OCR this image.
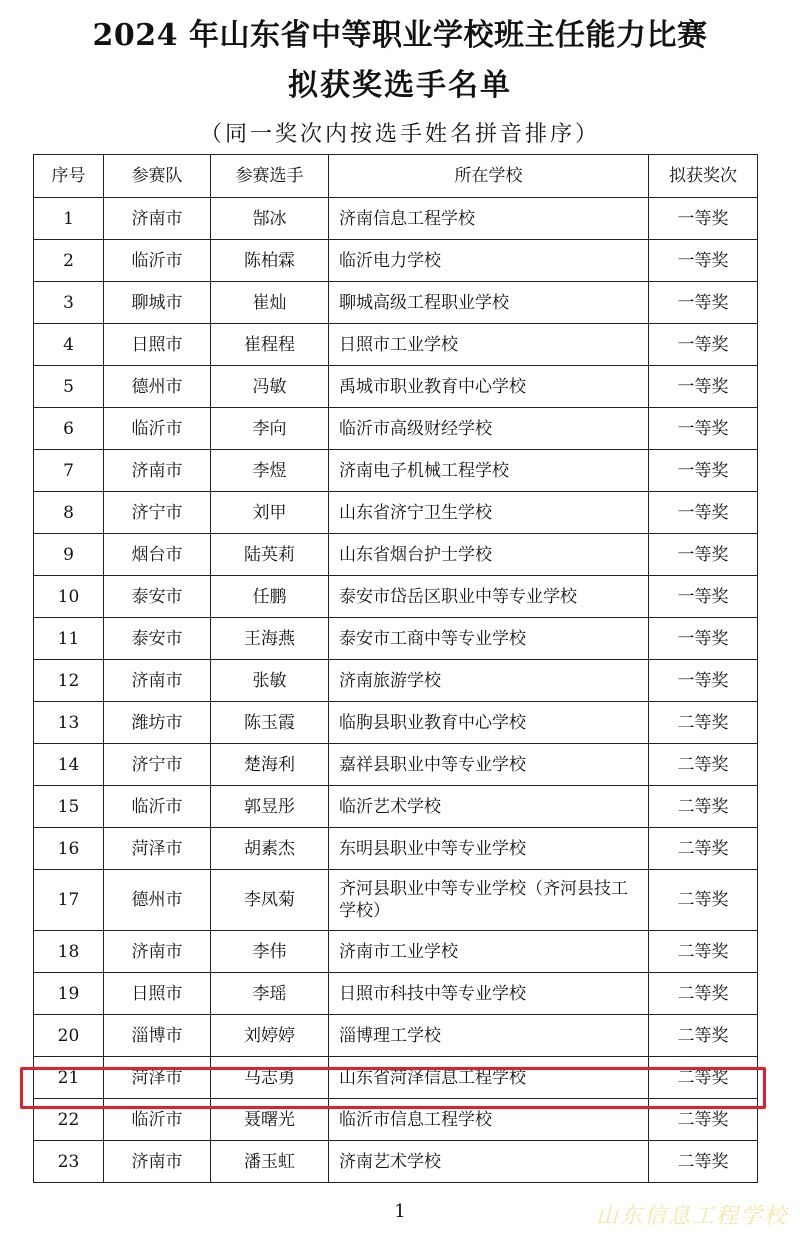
2024 年山东省中等职业学校班主任能力比赛
拟获奖选手名单
（同一奖次内按选手姓名拼音排序）
序号	参赛队	参赛选手	所在学校	拟获奖次
1	济南市	郜冰	济南信息工程学校	一等奖
2	临沂市	陈柏霖	临沂电力学校	一等奖
3	聊城市	崔灿	聊城高级工程职业学校	一等奖
4	日照市	崔程程	日照市工业学校	一等奖
5	德州市	冯敏	禹城市职业教育中心学校	一等奖
6	临沂市	李向	临沂市高级财经学校	一等奖
7	济南市	李煜	济南电子机械工程学校	一等奖
8	济宁市	刘甲	山东省济宁卫生学校	一等奖
9	烟台市	陆英莉	山东省烟台护士学校	一等奖
10	泰安市	任鹏	泰安市岱岳区职业中等专业学校	一等奖
11	泰安市	王海燕	泰安市工商中等专业学校	一等奖
12	济南市	张敏	济南旅游学校	一等奖
13	潍坊市	陈玉霞	临朐县职业教育中心学校	二等奖
14	济宁市	楚海利	嘉祥县职业中等专业学校	二等奖
15	临沂市	郭昱彤	临沂艺术学校	二等奖
16	菏泽市	胡素杰	东明县职业中等专业学校	二等奖
17	德州市	李凤菊	齐河县职业中等专业学校（齐河县技工学校）	二等奖
18	济南市	李伟	济南市工业学校	二等奖
19	日照市	李瑶	日照市科技中等专业学校	二等奖
20	淄博市	刘婷婷	淄博理工学校	二等奖
21	菏泽市	马志勇	山东省菏泽信息工程学校	二等奖
22	临沂市	聂曙光	临沂市信息工程学校	二等奖
23	济南市	潘玉虹	济南艺术学校	二等奖
1	山东信息工程学校
